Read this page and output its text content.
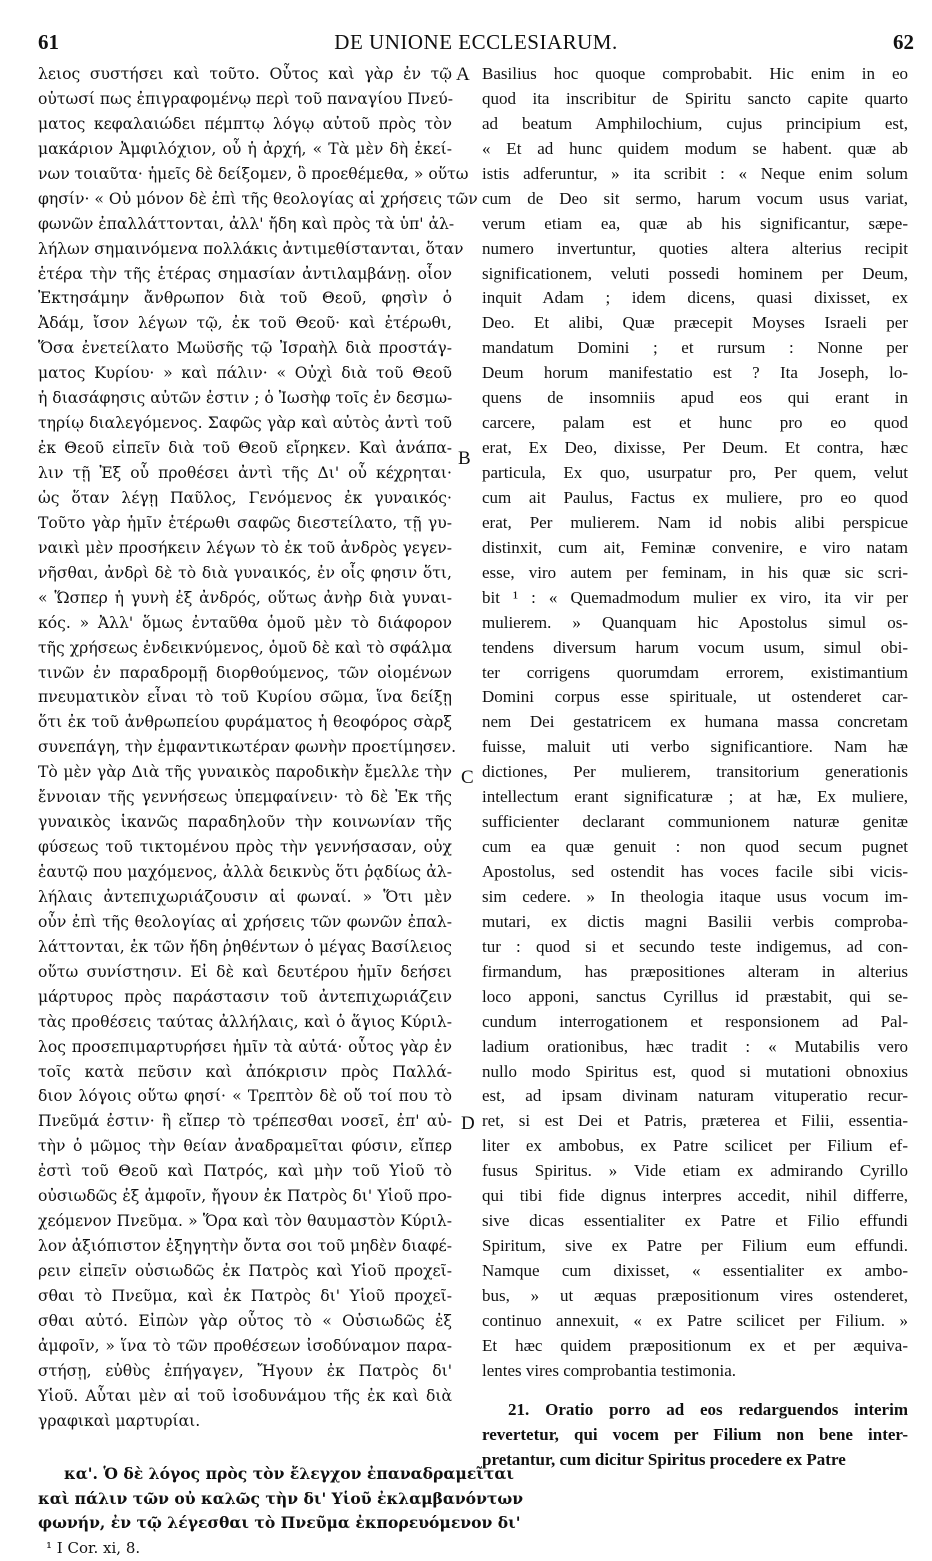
61	DE UNIONE ECCLESIARUM.	62
λειος συστήσει καὶ τοῦτο. Οὗτος καὶ γὰρ ἐν τῷ
οὑτωσί πως ἐπιγραφομένῳ περὶ τοῦ παναγίου Πνεύ-
ματος κεφαλαιώδει πέμπτῳ λόγῳ αὐτοῦ πρὸς τὸν
μακάριον Ἀμφιλόχιον, οὗ ἡ ἀρχή, « Τὰ μὲν δὴ ἐκεί-
νων τοιαῦτα· ἡμεῖς δὲ δείξομεν, ὃ προεθέμεθα, » οὕτω
φησίν· « Οὐ μόνον δὲ ἐπὶ τῆς θεολογίας αἱ χρήσεις τῶν
φωνῶν ἐπαλλάττονται, ἀλλ' ἤδη καὶ πρὸς τὰ ὑπ' ἀλ-
λήλων σημαινόμενα πολλάκις ἀντιμεθίστανται, ὅταν
ἑτέρα τὴν τῆς ἑτέρας σημασίαν ἀντιλαμβάνῃ. οἷον
Ἐκτησάμην ἄνθρωπον διὰ τοῦ Θεοῦ, φησὶν ὁ
Ἀδάμ, ἴσον λέγων τῷ, ἐκ τοῦ Θεοῦ· καὶ ἑτέρωθι,
Ὅσα ἐνετείλατο Μωϋσῆς τῷ Ἰσραὴλ διὰ προστάγ-
ματος Κυρίου· » καὶ πάλιν· « Οὐχὶ διὰ τοῦ Θεοῦ
ἡ διασάφησις αὐτῶν ἐστιν ; ὁ Ἰωσὴφ τοῖς ἐν δεσμω-
τηρίῳ διαλεγόμενος. Σαφῶς γὰρ καὶ αὐτὸς ἀντὶ τοῦ
ἐκ Θεοῦ εἰπεῖν διὰ τοῦ Θεοῦ εἴρηκεν. Καὶ ἀνάπα-
λιν τῇ Ἐξ οὗ προθέσει ἀντὶ τῆς Δι' οὗ κέχρηται·
ὡς ὅταν λέγῃ Παῦλος, Γενόμενος ἐκ γυναικός·
Τοῦτο γὰρ ἡμῖν ἑτέρωθι σαφῶς διεστείλατο, τῇ γυ-
ναικὶ μὲν προσήκειν λέγων τὸ ἐκ τοῦ ἀνδρὸς γεγεν-
νῆσθαι, ἀνδρὶ δὲ τὸ διὰ γυναικός, ἐν οἷς φησιν ὅτι,
« Ὥσπερ ἡ γυνὴ ἐξ ἀνδρός, οὕτως ἀνὴρ διὰ γυναι-
κός. » Ἀλλ' ὅμως ἐνταῦθα ὁμοῦ μὲν τὸ διάφορον
τῆς χρήσεως ἐνδεικνύμενος, ὁμοῦ δὲ καὶ τὸ σφάλμα
τινῶν ἐν παραδρομῇ διορθούμενος, τῶν οἰομένων
πνευματικὸν εἶναι τὸ τοῦ Κυρίου σῶμα, ἵνα δείξῃ
ὅτι ἐκ τοῦ ἀνθρωπείου φυράματος ἡ θεοφόρος σὰρξ
συνεπάγη, τὴν ἐμφαντικωτέραν φωνὴν προετίμησεν.
Τὸ μὲν γὰρ Διὰ τῆς γυναικὸς παροδικὴν ἔμελλε τὴν
ἔννοιαν τῆς γεννήσεως ὑπεμφαίνειν· τὸ δὲ Ἐκ τῆς
γυναικὸς ἱκανῶς παραδηλοῦν τὴν κοινωνίαν τῆς
φύσεως τοῦ τικτομένου πρὸς τὴν γεννήσασαν, οὐχ
ἑαυτῷ που μαχόμενος, ἀλλὰ δεικνὺς ὅτι ῥᾳδίως ἀλ-
λήλαις ἀντεπιχωριάζουσιν αἱ φωναί. » Ὅτι μὲν
οὖν ἐπὶ τῆς θεολογίας αἱ χρήσεις τῶν φωνῶν ἐπαλ-
λάττονται, ἐκ τῶν ἤδη ῥηθέντων ὁ μέγας Βασίλειος
οὕτω συνίστησιν. Εἰ δὲ καὶ δευτέρου ἡμῖν δεήσει
μάρτυρος πρὸς παράστασιν τοῦ ἀντεπιχωριάζειν
τὰς προθέσεις ταύτας ἀλλήλαις, καὶ ὁ ἅγιος Κύριλ-
λος προσεπιμαρτυρήσει ἡμῖν τὰ αὐτά· οὗτος γὰρ ἐν
τοῖς κατὰ πεῦσιν καὶ ἀπόκρισιν πρὸς Παλλά-
διον λόγοις οὕτω φησί· « Τρεπτὸν δὲ οὔ τοί που τὸ
Πνεῦμά ἐστιν· ἢ εἴπερ τὸ τρέπεσθαι νοσεῖ, ἐπ' αὐ-
τὴν ὁ μῶμος τὴν θείαν ἀναδραμεῖται φύσιν, εἴπερ
ἐστὶ τοῦ Θεοῦ καὶ Πατρός, καὶ μὴν τοῦ Υἱοῦ τὸ
οὐσιωδῶς ἐξ ἀμφοῖν, ἤγουν ἐκ Πατρὸς δι' Υἱοῦ προ-
χεόμενον Πνεῦμα. » Ὅρα καὶ τὸν θαυμαστὸν Κύριλ-
λον ἀξιόπιστον ἐξηγητὴν ὄντα σοι τοῦ μηδὲν διαφέ-
ρειν εἰπεῖν οὐσιωδῶς ἐκ Πατρὸς καὶ Υἱοῦ προχεῖ-
σθαι τὸ Πνεῦμα, καὶ ἐκ Πατρὸς δι' Υἱοῦ προχεῖ-
σθαι αὐτό. Εἰπὼν γὰρ οὗτος τὸ « Οὐσιωδῶς ἐξ
ἀμφοῖν, » ἵνα τὸ τῶν προθέσεων ἰσοδύναμον παρα-
στήσῃ, εὐθὺς ἐπήγαγεν, Ἤγουν ἐκ Πατρὸς δι'
Υἱοῦ. Αὗται μὲν αἱ τοῦ ἰσοδυνάμου τῆς ἐκ καὶ διὰ
γραφικαὶ μαρτυρίαι.
κα'. Ὁ δὲ λόγος πρὸς τὸν ἔλεγχον ἐπαναδραμεῖται
καὶ πάλιν τῶν οὐ καλῶς τὴν δι' Υἱοῦ ἐκλαμβανόντων
φωνήν, ἐν τῷ λέγεσθαι τὸ Πνεῦμα ἐκπορευόμενον δι'
¹ I Cor. xi, 8.
Basilius hoc quoque comprobabit. Hic enim in eo
quod ita inscribitur de Spiritu sancto capite quarto
ad beatum Amphilochium, cujus principium est,
« Et ad hunc quidem modum se habent. quæ ab
istis adferuntur, » ita scribit : « Neque enim solum
cum de Deo sit sermo, harum vocum usus variat,
verum etiam ea, quæ ab his significantur, sæpe-
numero invertuntur, quoties altera alterius recipit
significationem, veluti possedi hominem per Deum,
inquit Adam ; idem dicens, quasi dixisset, ex
Deo. Et alibi, Quæ præcepit Moyses Israeli per
mandatum Domini ; et rursum : Nonne per
Deum horum manifestatio est ? Ita Joseph, lo-
quens de insomniis apud eos qui erant in
carcere, palam est et hunc pro eo quod
erat, Ex Deo, dixisse, Per Deum. Et contra, hæc
particula, Ex quo, usurpatur pro, Per quem, velut
cum ait Paulus, Factus ex muliere, pro eo quod
erat, Per mulierem. Nam id nobis alibi perspicue
distinxit, cum ait, Feminæ convenire, e viro natam
esse, viro autem per feminam, in his quæ sic scri-
bit ¹ : « Quemadmodum mulier ex viro, ita vir per
mulierem. » Quanquam hic Apostolus simul os-
tendens diversum harum vocum usum, simul obi-
ter corrigens quorumdam errorem, existimantium
Domini corpus esse spirituale, ut ostenderet car-
nem Dei gestatricem ex humana massa concretam
fuisse, maluit uti verbo significantiore. Nam hæ
dictiones, Per mulierem, transitorium generationis
intellectum erant significaturæ ; at hæ, Ex muliere,
sufficienter declarant communionem naturæ genitæ
cum ea quæ genuit : non quod secum pugnet
Apostolus, sed ostendit has voces facile sibi vicis-
sim cedere. » In theologia itaque usus vocum im-
mutari, ex dictis magni Basilii verbis comproba-
tur : quod si et secundo teste indigemus, ad con-
firmandum, has præpositiones alteram in alterius
loco apponi, sanctus Cyrillus id præstabit, qui se-
cundum interrogationem et responsionem ad Pal-
ladium orationibus, hæc tradit : « Mutabilis vero
nullo modo Spiritus est, quod si mutationi obnoxius
est, ad ipsam divinam naturam vituperatio recur-
ret, si est Dei et Patris, præterea et Filii, essentia-
liter ex ambobus, ex Patre scilicet per Filium ef-
fusus Spiritus. » Vide etiam ex admirando Cyrillo
qui tibi fide dignus interpres accedit, nihil differre,
sive dicas essentialiter ex Patre et Filio effundi
Spiritum, sive ex Patre per Filium eum effundi.
Namque cum dixisset, « essentialiter ex ambo-
bus, » ut æquas præpositionum vires ostenderet,
continuo annexuit, « ex Patre scilicet per Filium. »
Et hæc quidem præpositionum ex et per æquiva-
lentes vires comprobantia testimonia.
A
B
C
D
21. Oratio porro ad eos redarguendos interim
revertetur, qui vocem per Filium non bene inter-
pretantur, cum dicitur Spiritus procedere ex Patre
